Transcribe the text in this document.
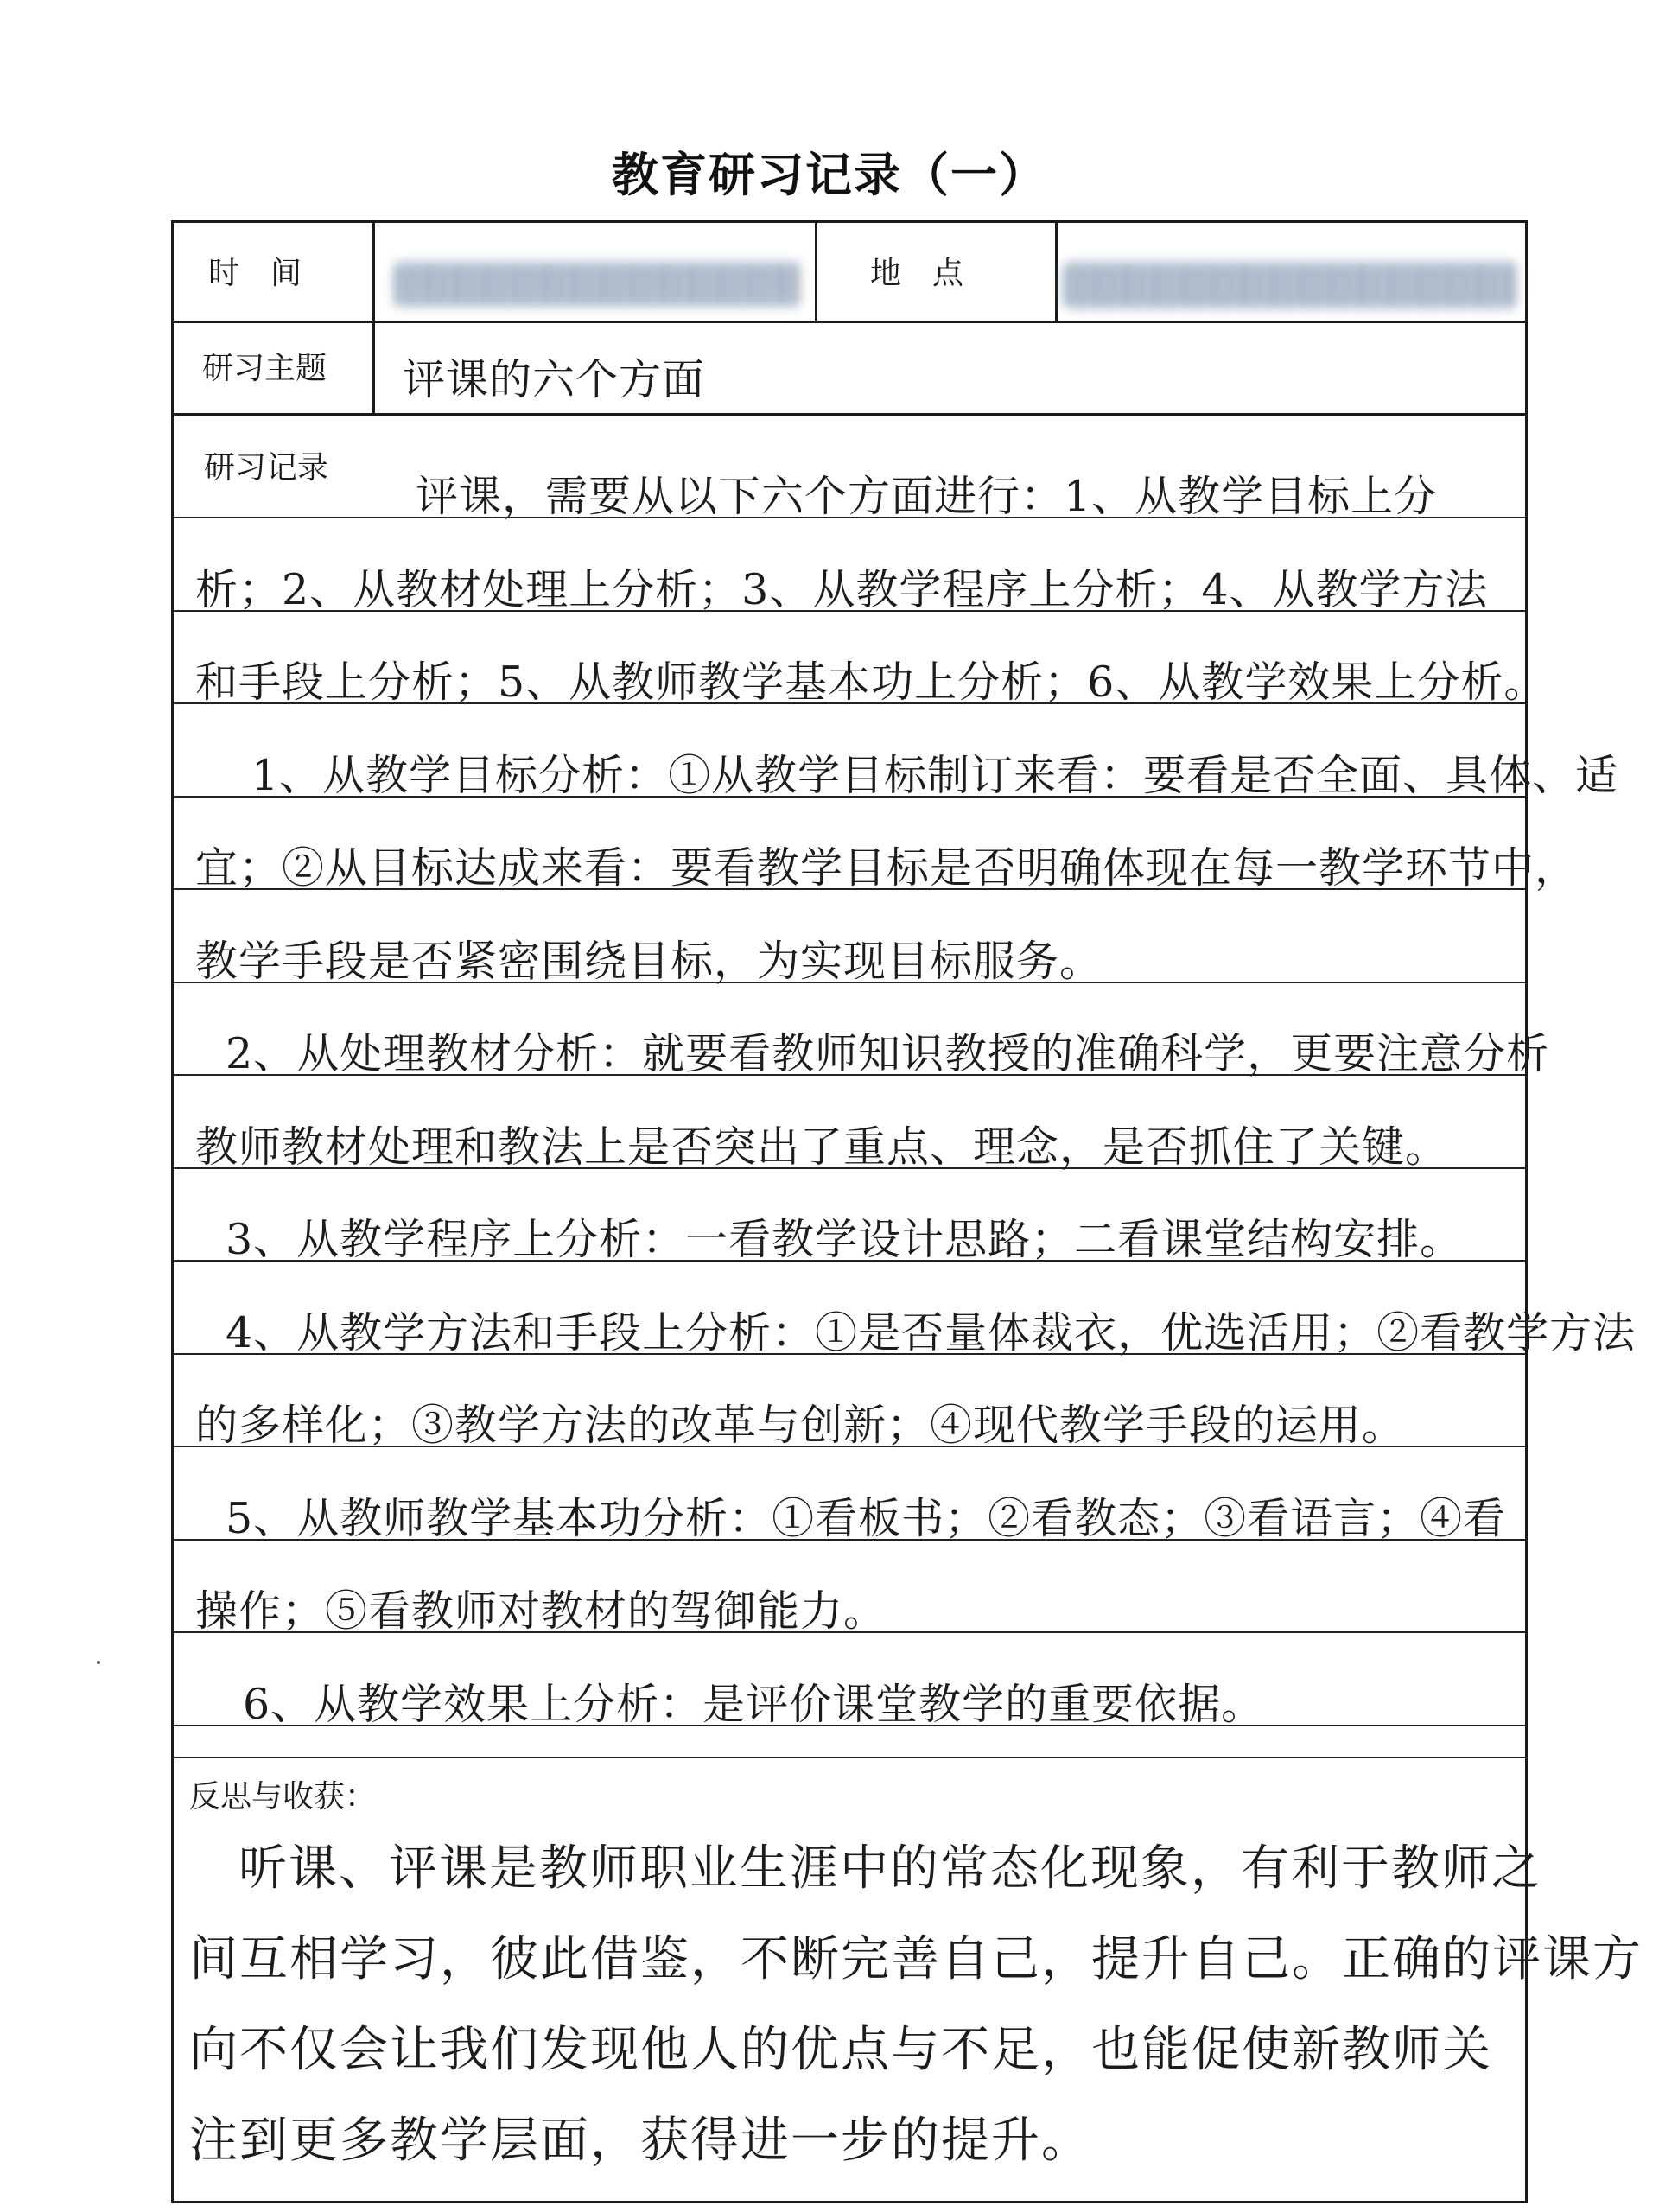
教育研习记录（一）
时　间	地　点
研习主题 评课的六个方面
研习记录
评课，需要从以下六个方面进行：1、从教学目标上分
析；2、从教材处理上分析；3、从教学程序上分析；4、从教学方法
和手段上分析；5、从教师教学基本功上分析；6、从教学效果上分析。
1、从教学目标分析：①从教学目标制订来看：要看是否全面、具体、适
宜；②从目标达成来看：要看教学目标是否明确体现在每一教学环节中，
教学手段是否紧密围绕目标，为实现目标服务。
2、从处理教材分析：就要看教师知识教授的准确科学，更要注意分析
教师教材处理和教法上是否突出了重点、理念，是否抓住了关键。
3、从教学程序上分析：一看教学设计思路；二看课堂结构安排。
4、从教学方法和手段上分析：①是否量体裁衣，优选活用；②看教学方法
的多样化；③教学方法的改革与创新；④现代教学手段的运用。
5、从教师教学基本功分析：①看板书；②看教态；③看语言；④看
操作；⑤看教师对教材的驾御能力。
6、从教学效果上分析：是评价课堂教学的重要依据。
反思与收获：
听课、评课是教师职业生涯中的常态化现象，有利于教师之
间互相学习，彼此借鉴，不断完善自己，提升自己。正确的评课方
向不仅会让我们发现他人的优点与不足，也能促使新教师关
注到更多教学层面，获得进一步的提升。
